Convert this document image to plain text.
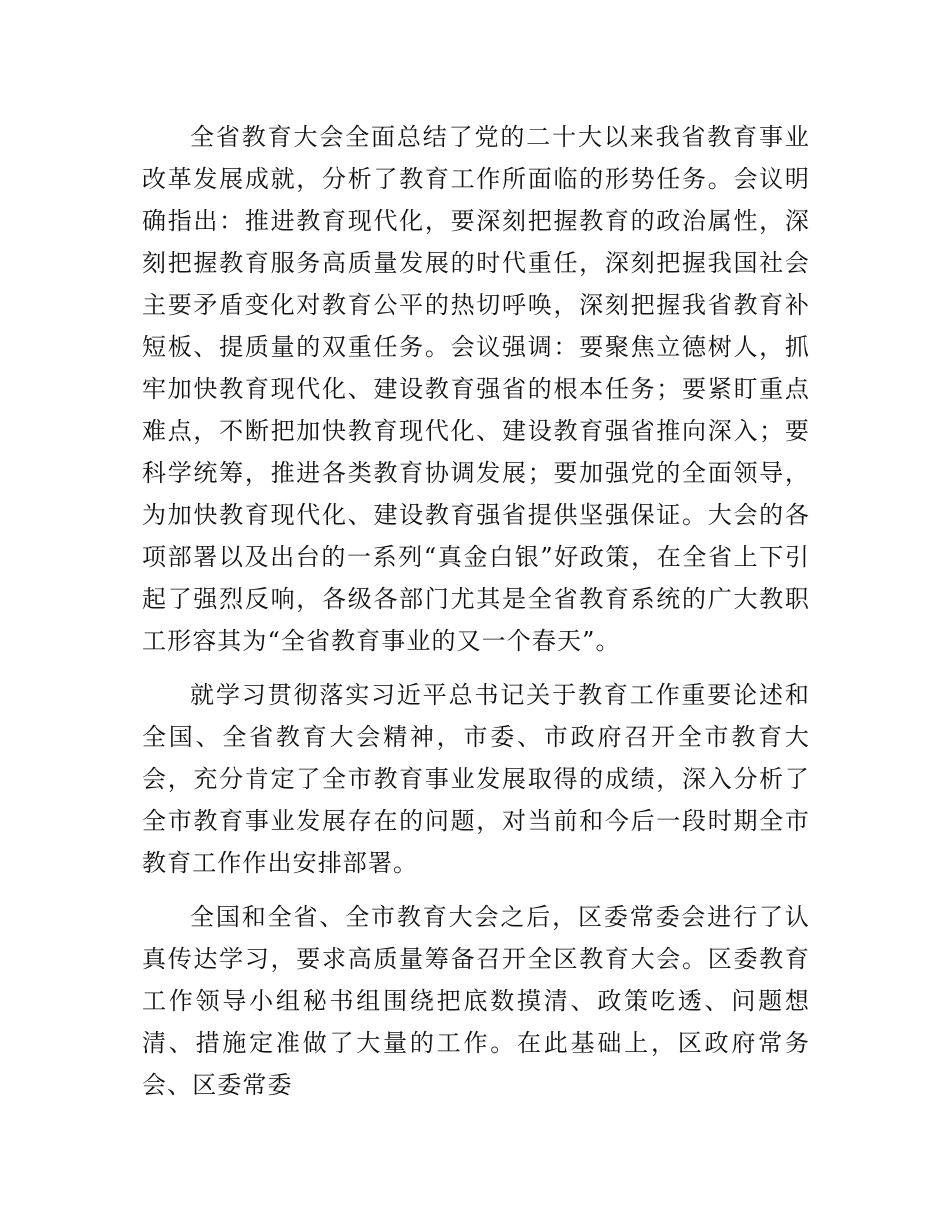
全省教育大会全面总结了党的二十大以来我省教育事业改革发展成就，分析了教育工作所面临的形势任务。会议明确指出：推进教育现代化，要深刻把握教育的政治属性，深刻把握教育服务高质量发展的时代重任，深刻把握我国社会主要矛盾变化对教育公平的热切呼唤，深刻把握我省教育补短板、提质量的双重任务。会议强调：要聚焦立德树人，抓牢加快教育现代化、建设教育强省的根本任务；要紧盯重点难点，不断把加快教育现代化、建设教育强省推向深入；要科学统筹，推进各类教育协调发展；要加强党的全面领导，为加快教育现代化、建设教育强省提供坚强保证。大会的各项部署以及出台的一系列“真金白银”好政策，在全省上下引起了强烈反响，各级各部门尤其是全省教育系统的广大教职工形容其为“全省教育事业的又一个春天”。

就学习贯彻落实习近平总书记关于教育工作重要论述和全国、全省教育大会精神，市委、市政府召开全市教育大会，充分肯定了全市教育事业发展取得的成绩，深入分析了全市教育事业发展存在的问题，对当前和今后一段时期全市教育工作作出安排部署。

全国和全省、全市教育大会之后，区委常委会进行了认真传达学习，要求高质量筹备召开全区教育大会。区委教育工作领导小组秘书组围绕把底数摸清、政策吃透、问题想清、措施定准做了大量的工作。在此基础上，区政府常务会、区委常委
